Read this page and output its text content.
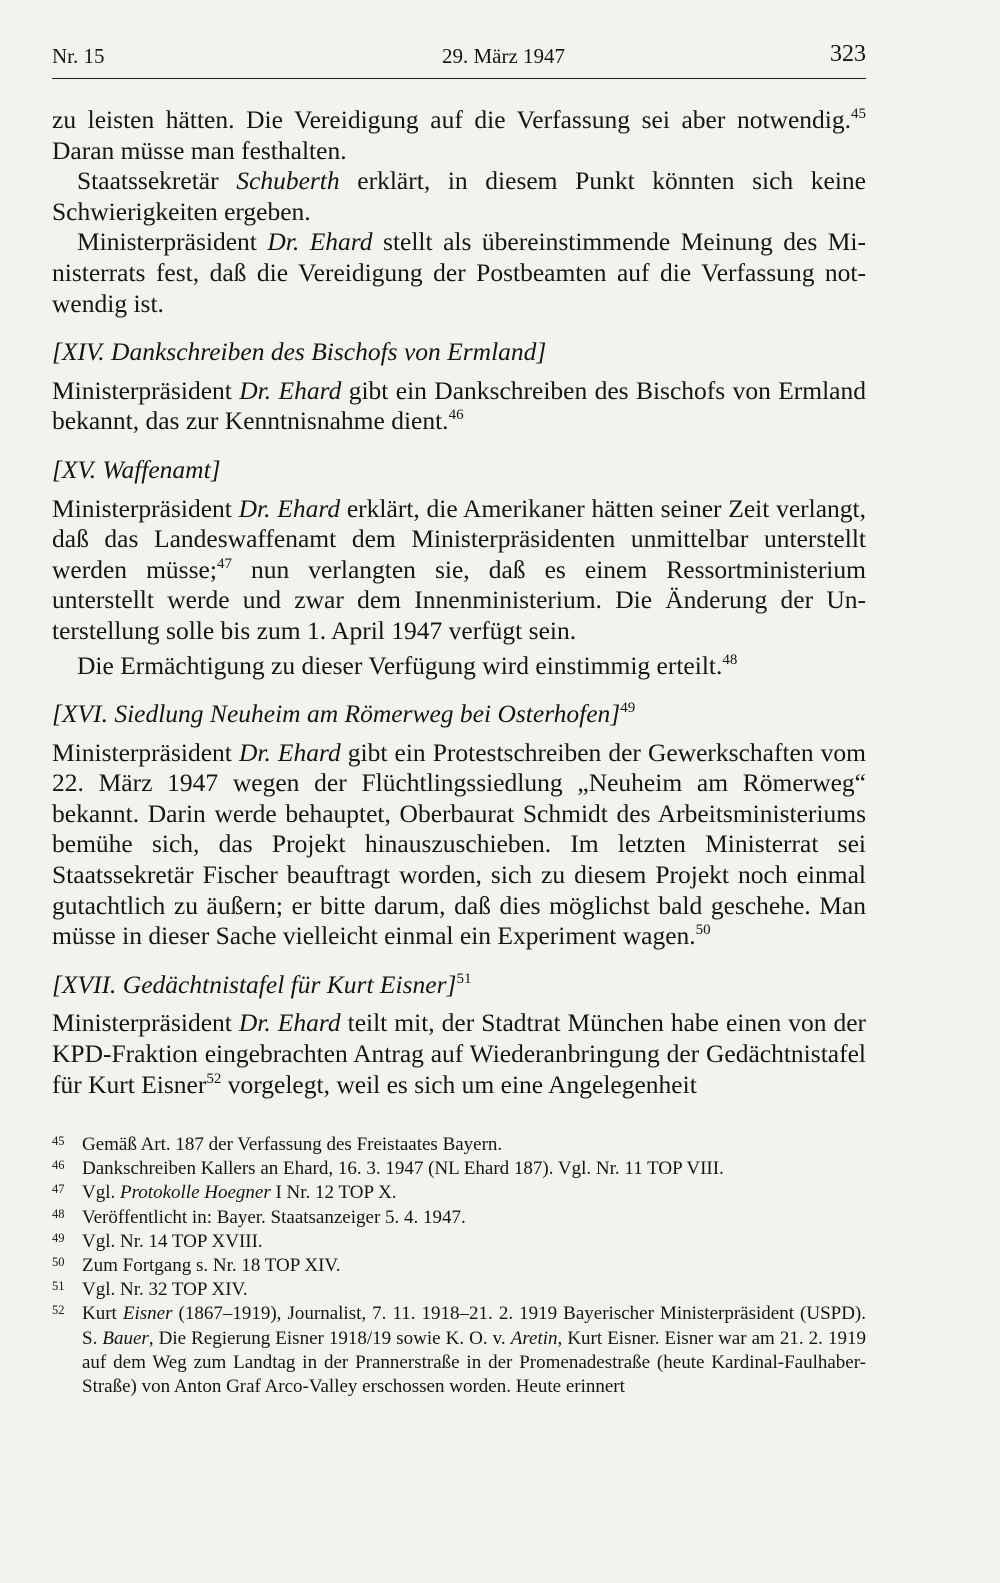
Nr. 15	29. März 1947	323

zu leisten hätten. Die Vereidigung auf die Verfassung sei aber notwendig.$^{45}$ Daran müsse man festhalten.

Staatssekretär Schuberth erklärt, in diesem Punkt könnten sich keine Schwierigkeiten ergeben.

Ministerpräsident Dr. Ehard stellt als übereinstimmende Meinung des Ministerrats fest, daß die Vereidigung der Postbeamten auf die Verfassung notwendig ist.

[XIV. Dankschreiben des Bischofs von Ermland]

Ministerpräsident Dr. Ehard gibt ein Dankschreiben des Bischofs von Ermland bekannt, das zur Kenntnisnahme dient.$^{46}$

[XV. Waffenamt]

Ministerpräsident Dr. Ehard erklärt, die Amerikaner hätten seiner Zeit verlangt, daß das Landeswaffenamt dem Ministerpräsidenten unmittelbar unterstellt werden müsse;$^{47}$ nun verlangten sie, daß es einem Ressortministerium unterstellt werde und zwar dem Innenministerium. Die Änderung der Unterstellung solle bis zum 1. April 1947 verfügt sein.

Die Ermächtigung zu dieser Verfügung wird einstimmig erteilt.$^{48}$

[XVI. Siedlung Neuheim am Römerweg bei Osterhofen]$^{49}$

Ministerpräsident Dr. Ehard gibt ein Protestschreiben der Gewerkschaften vom 22. März 1947 wegen der Flüchtlingssiedlung „Neuheim am Römerweg“ bekannt. Darin werde behauptet, Oberbaurat Schmidt des Arbeitsministeriums bemühe sich, das Projekt hinauszuschieben. Im letzten Ministerrat sei Staatssekretär Fischer beauftragt worden, sich zu diesem Projekt noch einmal gutachtlich zu äußern; er bitte darum, daß dies möglichst bald geschehe. Man müsse in dieser Sache vielleicht einmal ein Experiment wagen.$^{50}$

[XVII. Gedächtnistafel für Kurt Eisner]$^{51}$

Ministerpräsident Dr. Ehard teilt mit, der Stadtrat München habe einen von der KPD-Fraktion eingebrachten Antrag auf Wiederanbringung der Gedächtnistafel für Kurt Eisner$^{52}$ vorgelegt, weil es sich um eine Angelegenheit

45 Gemäß Art. 187 der Verfassung des Freistaates Bayern.
46 Dankschreiben Kallers an Ehard, 16. 3. 1947 (NL Ehard 187). Vgl. Nr. 11 TOP VIII.
47 Vgl. Protokolle Hoegner I Nr. 12 TOP X.
48 Veröffentlicht in: Bayer. Staatsanzeiger 5. 4. 1947.
49 Vgl. Nr. 14 TOP XVIII.
50 Zum Fortgang s. Nr. 18 TOP XIV.
51 Vgl. Nr. 32 TOP XIV.
52 Kurt Eisner (1867–1919), Journalist, 7. 11. 1918–21. 2. 1919 Bayerischer Ministerpräsident (USPD). S. Bauer, Die Regierung Eisner 1918/19 sowie K. O. v. Aretin, Kurt Eisner. Eisner war am 21. 2. 1919 auf dem Weg zum Landtag in der Prannerstraße in der Promenadestraße (heute Kardinal-Faulhaber-Straße) von Anton Graf Arco-Valley erschossen worden. Heute erinnert
